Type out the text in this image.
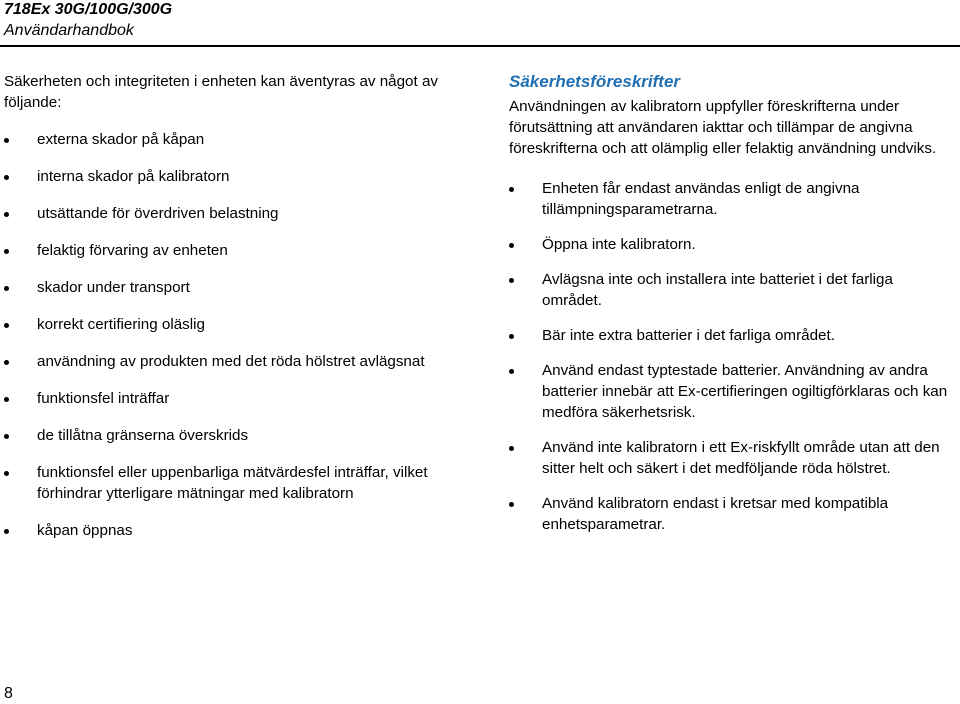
718Ex 30G/100G/300G
Användarhandbok

Säkerheten och integriteten i enheten kan äventyras av något av följande:

externa skador på kåpan
interna skador på kalibratorn
utsättande för överdriven belastning
felaktig förvaring av enheten
skador under transport
korrekt certifiering oläslig
användning av produkten med det röda hölstret avlägsnat
funktionsfel inträffar
de tillåtna gränserna överskrids
funktionsfel eller uppenbarliga mätvärdesfel inträffar, vilket förhindrar ytterligare mätningar med kalibratorn
kåpan öppnas
Säkerhetsföreskrifter

Användningen av kalibratorn uppfyller föreskrifterna under förutsättning att användaren iakttar och tillämpar de angivna föreskrifterna och att olämplig eller felaktig användning undviks.

Enheten får endast användas enligt de angivna tillämpningsparametrarna.
Öppna inte kalibratorn.
Avlägsna inte och installera inte batteriet i det farliga området.
Bär inte extra batterier i det farliga området.
Använd endast typtestade batterier. Användning av andra batterier innebär att Ex-certifieringen ogiltigförklaras och kan medföra säkerhetsrisk.
Använd inte kalibratorn i ett Ex-riskfyllt område utan att den sitter helt och säkert i det medföljande röda hölstret.
Använd kalibratorn endast i kretsar med kompatibla enhetsparametrar.
8
